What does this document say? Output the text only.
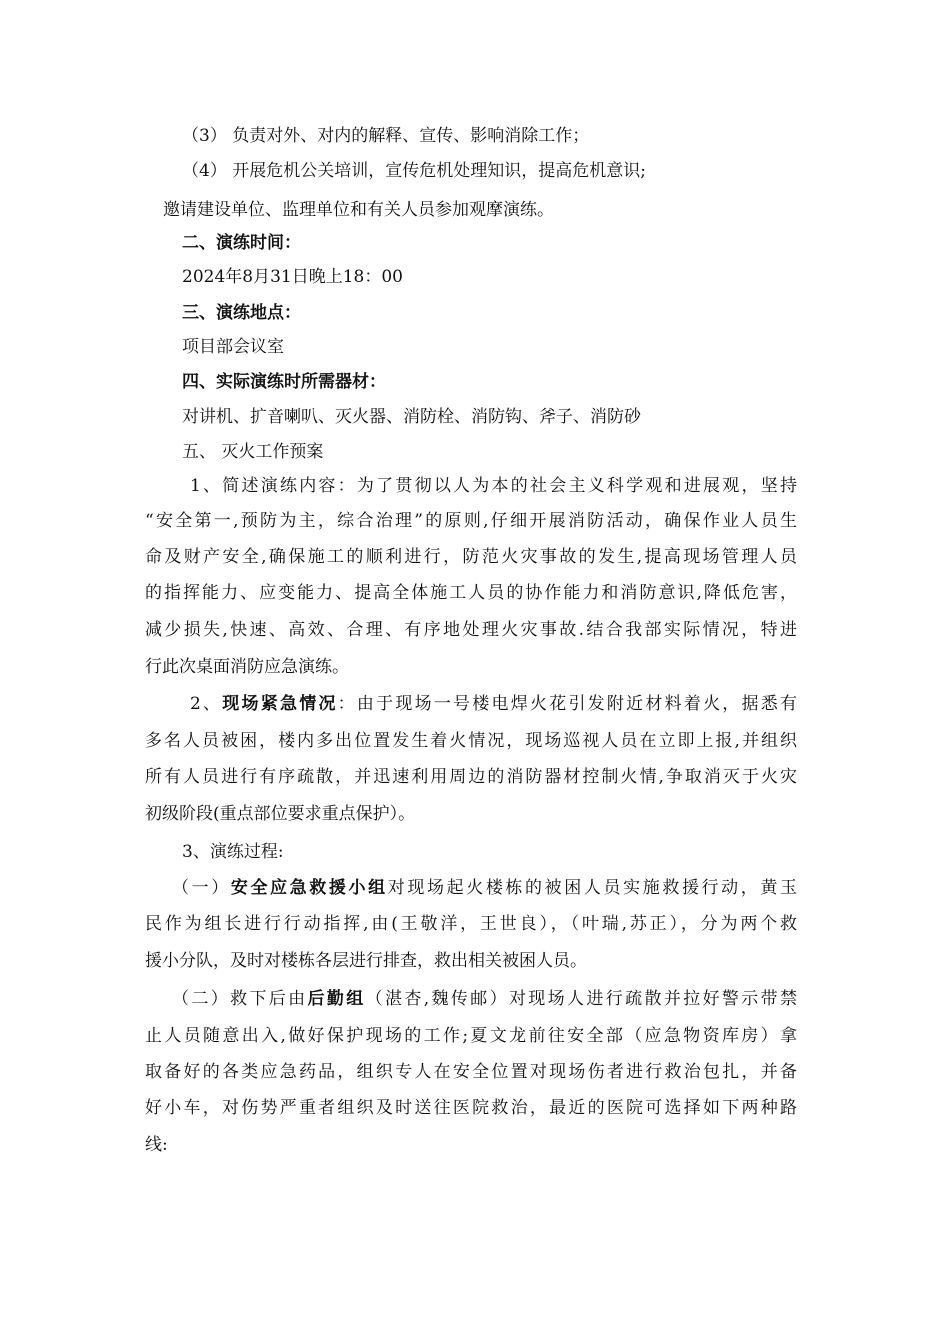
（3） 负责对外、对内的解释、宣传、影响消除工作；

（4） 开展危机公关培训，宣传危机处理知识，提高危机意识;

邀请建设单位、监理单位和有关人员参加观摩演练。

二、演练时间：

2024年8月31日晚上18：00

三、演练地点：

项目部会议室

四、实际演练时所需器材：

对讲机、扩音喇叭、灭火器、消防栓、消防钩、斧子、消防砂

五、 灭火工作预案

1、简述演练内容：为了贯彻以人为本的社会主义科学观和进展观，坚持

“安全第一,预防为主，综合治理”的原则,仔细开展消防活动，确保作业人员生

命及财产安全,确保施工的顺利进行，防范火灾事故的发生,提高现场管理人员

的指挥能力、应变能力、提高全体施工人员的协作能力和消防意识,降低危害，

减少损失,快速、高效、合理、有序地处理火灾事故.结合我部实际情况，特进

行此次桌面消防应急演练。

2、现场紧急情况：由于现场一号楼电焊火花引发附近材料着火，据悉有

多名人员被困，楼内多出位置发生着火情况，现场巡视人员在立即上报,并组织

所有人员进行有序疏散，并迅速利用周边的消防器材控制火情,争取消灭于火灾

初级阶段(重点部位要求重点保护）。

3、演练过程:

（一）安全应急救援小组对现场起火楼栋的被困人员实施救援行动，黄玉

民作为组长进行行动指挥,由(王敬洋，王世良），（叶瑞,苏正），分为两个救

援小分队，及时对楼栋各层进行排查，救出相关被困人员。

（二）救下后由后勤组（湛杏,魏传邮）对现场人进行疏散并拉好警示带禁

止人员随意出入,做好保护现场的工作;夏文龙前往安全部（应急物资库房）拿

取备好的各类应急药品，组织专人在安全位置对现场伤者进行救治包扎，并备

好小车，对伤势严重者组织及时送往医院救治，最近的医院可选择如下两种路

线:
